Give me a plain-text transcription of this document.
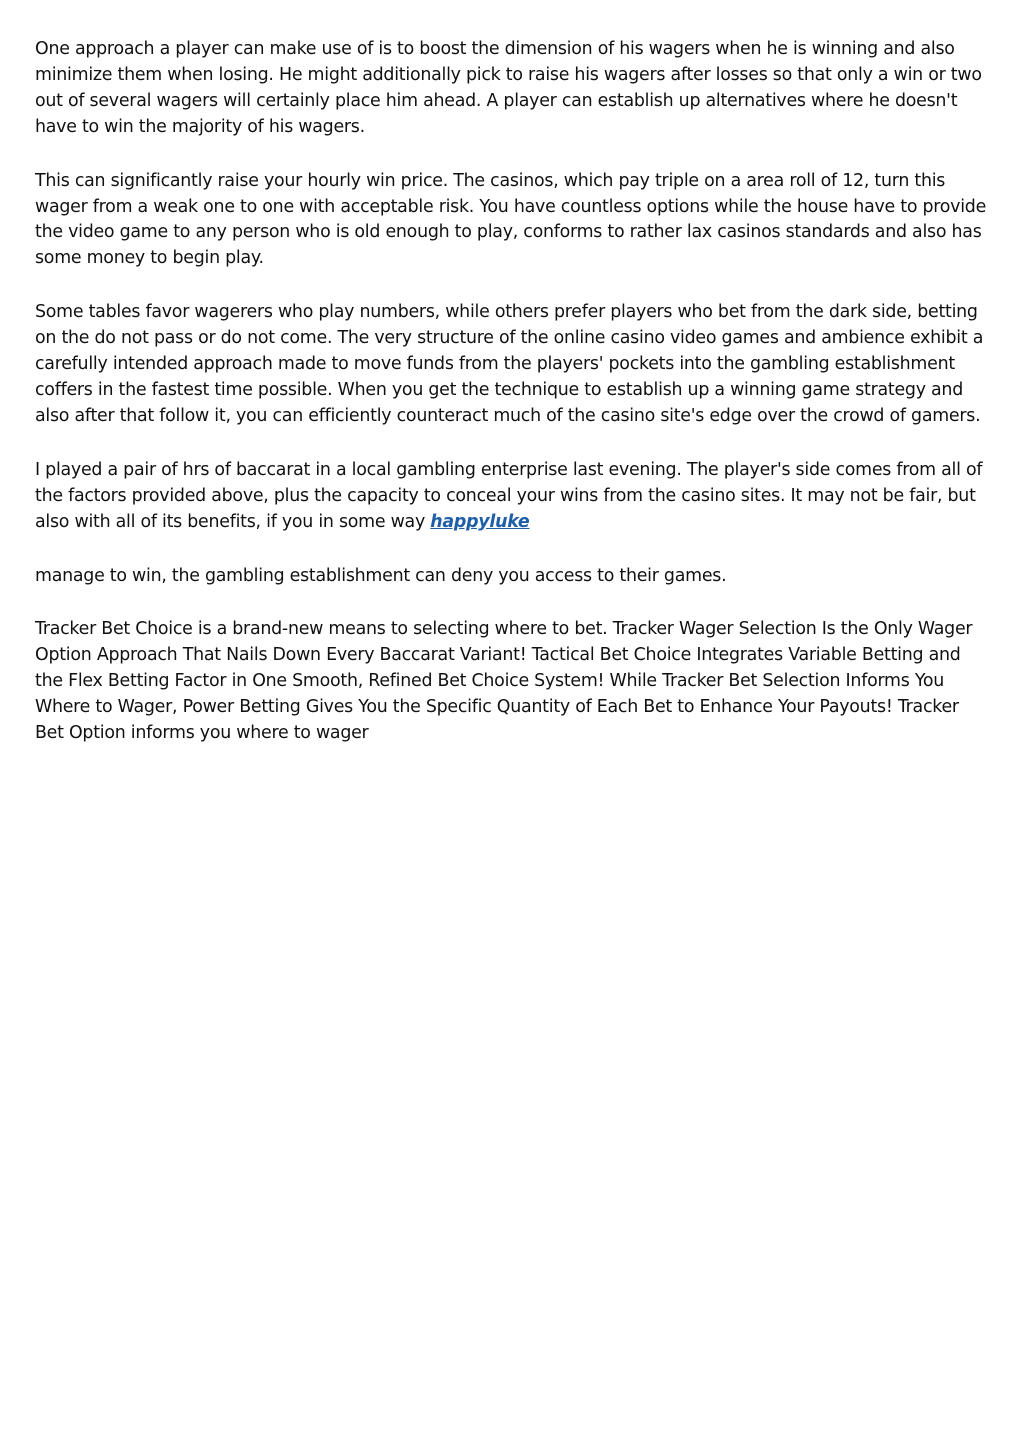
One approach a player can make use of is to boost the dimension of his wagers when he is winning and also minimize them when losing. He might additionally pick to raise his wagers after losses so that only a win or two out of several wagers will certainly place him ahead. A player can establish up alternatives where he doesn't have to win the majority of his wagers.

This can significantly raise your hourly win price. The casinos, which pay triple on a area roll of 12, turn this wager from a weak one to one with acceptable risk. You have countless options while the house have to provide the video game to any person who is old enough to play, conforms to rather lax casinos standards and also has some money to begin play.

Some tables favor wagerers who play numbers, while others prefer players who bet from the dark side, betting on the do not pass or do not come. The very structure of the online casino video games and ambience exhibit a carefully intended approach made to move funds from the players' pockets into the gambling establishment coffers in the fastest time possible. When you get the technique to establish up a winning game strategy and also after that follow it, you can efficiently counteract much of the casino site's edge over the crowd of gamers.

I played a pair of hrs of baccarat in a local gambling enterprise last evening. The player's side comes from all of the factors provided above, plus the capacity to conceal your wins from the casino sites. It may not be fair, but also with all of its benefits, if you in some way happyluke

manage to win, the gambling establishment can deny you access to their games.

Tracker Bet Choice is a brand-new means to selecting where to bet. Tracker Wager Selection Is the Only Wager Option Approach That Nails Down Every Baccarat Variant! Tactical Bet Choice Integrates Variable Betting and the Flex Betting Factor in One Smooth, Refined Bet Choice System! While Tracker Bet Selection Informs You Where to Wager, Power Betting Gives You the Specific Quantity of Each Bet to Enhance Your Payouts! Tracker Bet Option informs you where to wager
